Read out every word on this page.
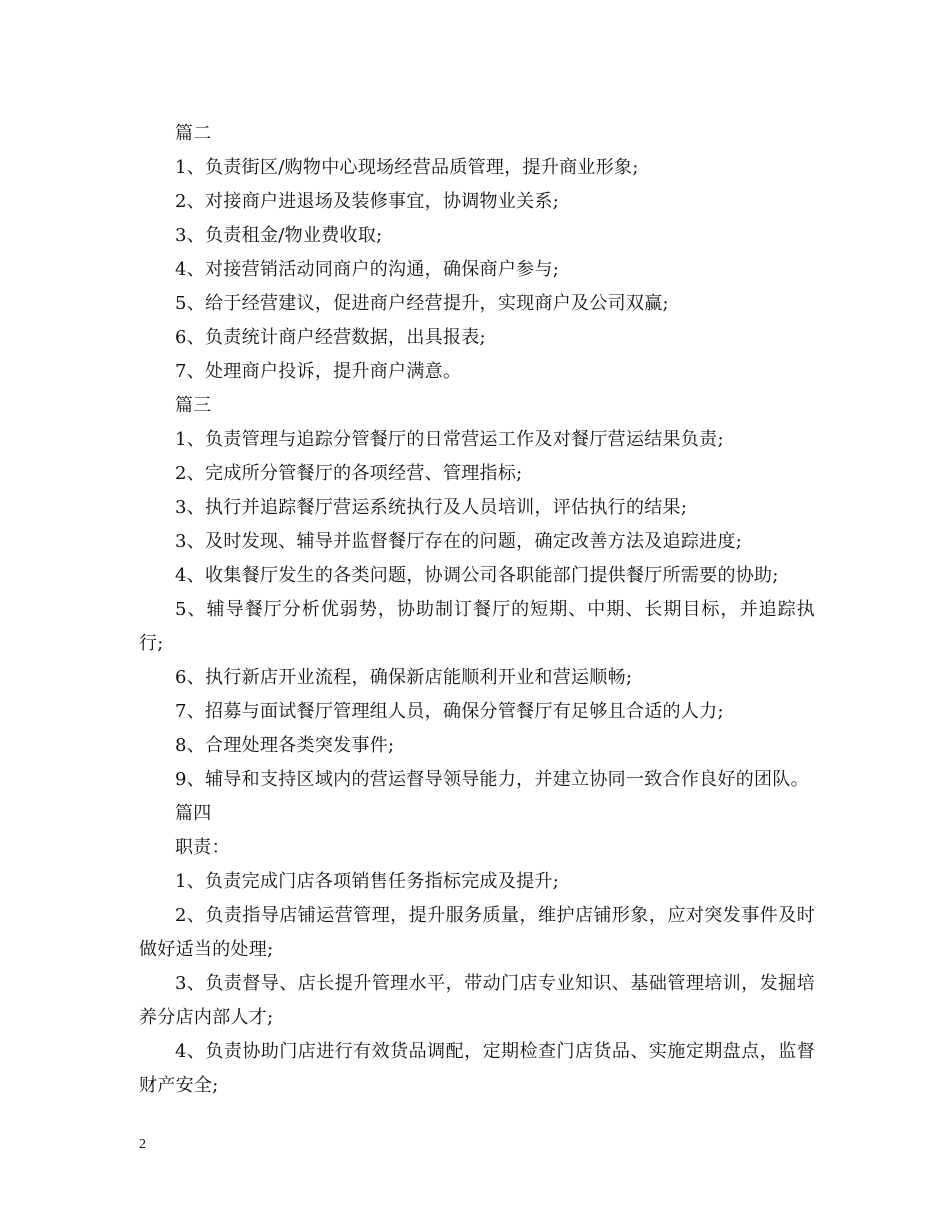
篇二

1、负责街区/购物中心现场经营品质管理，提升商业形象;

2、对接商户进退场及装修事宜，协调物业关系;

3、负责租金/物业费收取;

4、对接营销活动同商户的沟通，确保商户参与;

5、给于经营建议，促进商户经营提升，实现商户及公司双赢;

6、负责统计商户经营数据，出具报表;

7、处理商户投诉，提升商户满意。

篇三

1、负责管理与追踪分管餐厅的日常营运工作及对餐厅营运结果负责;

2、完成所分管餐厅的各项经营、管理指标;

3、执行并追踪餐厅营运系统执行及人员培训，评估执行的结果;

3、及时发现、辅导并监督餐厅存在的问题，确定改善方法及追踪进度;

4、收集餐厅发生的各类问题，协调公司各职能部门提供餐厅所需要的协助;

5、辅导餐厅分析优弱势，协助制订餐厅的短期、中期、长期目标，并追踪执行;

6、执行新店开业流程，确保新店能顺利开业和营运顺畅;

7、招募与面试餐厅管理组人员，确保分管餐厅有足够且合适的人力;

8、合理处理各类突发事件;

9、辅导和支持区域内的营运督导领导能力，并建立协同一致合作良好的团队。

篇四

职责：

1、负责完成门店各项销售任务指标完成及提升;

2、负责指导店铺运营管理，提升服务质量，维护店铺形象，应对突发事件及时做好适当的处理;

3、负责督导、店长提升管理水平，带动门店专业知识、基础管理培训，发掘培养分店内部人才;

4、负责协助门店进行有效货品调配，定期检查门店货品、实施定期盘点，监督财产安全;

2
